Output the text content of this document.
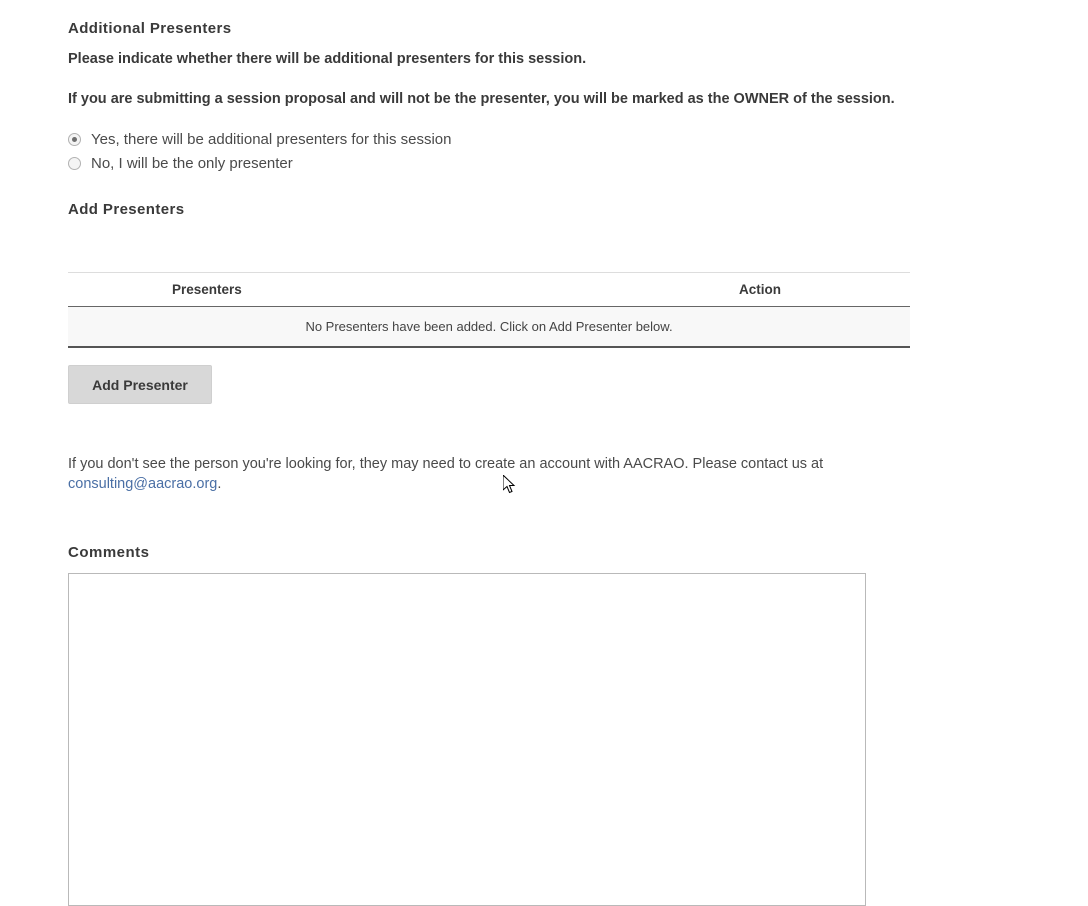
Additional Presenters
Please indicate whether there will be additional presenters for this session.
If you are submitting a session proposal and will not be the presenter, you will be marked as the OWNER of the session.
Yes, there will be additional presenters for this session
No, I will be the only presenter
Add Presenters
Presenters	Action
No Presenters have been added. Click on Add Presenter below.
Add Presenter
If you don't see the person you're looking for, they may need to create an account with AACRAO. Please contact us at consulting@aacrao.org.
Comments
